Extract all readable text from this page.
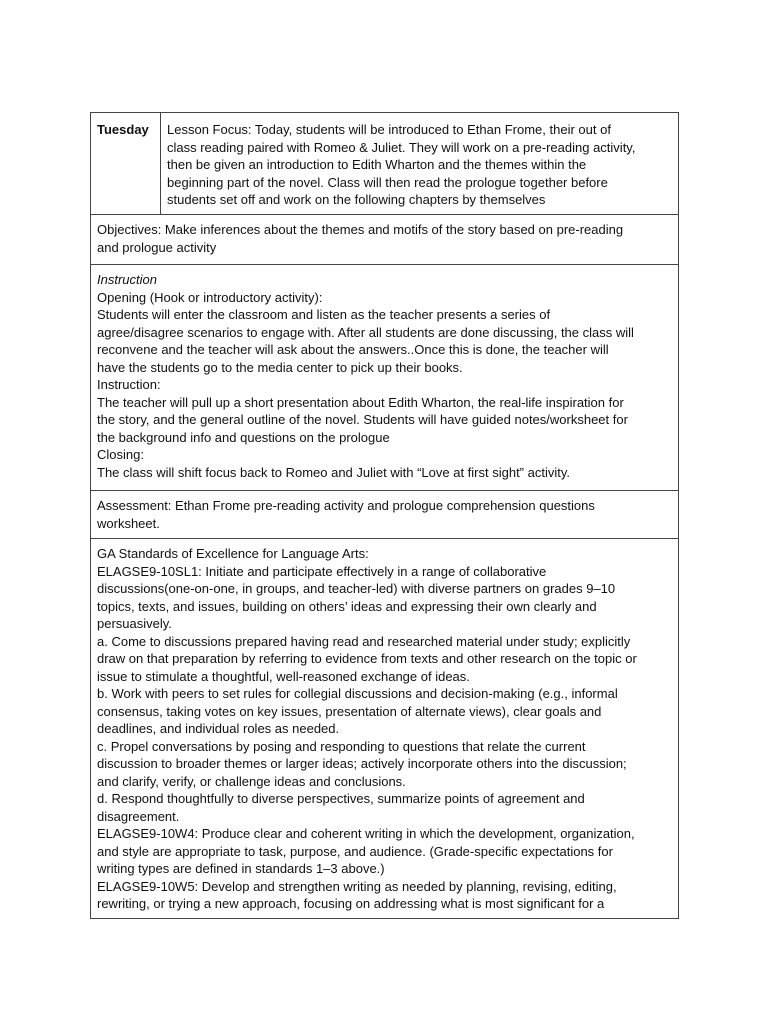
Tuesday	Lesson Focus: Today, students will be introduced to Ethan Frome, their out of
class reading paired with Romeo & Juliet. They will work on a pre-reading activity,
then be given an introduction to Edith Wharton and the themes within the
beginning part of the novel. Class will then read the prologue together before
students set off and work on the following chapters by themselves
Objectives: Make inferences about the themes and motifs of the story based on pre-reading
and prologue activity
Instruction
Opening (Hook or introductory activity):
Students will enter the classroom and listen as the teacher presents a series of
agree/disagree scenarios to engage with. After all students are done discussing, the class will
reconvene and the teacher will ask about the answers..Once this is done, the teacher will
have the students go to the media center to pick up their books.
Instruction:
The teacher will pull up a short presentation about Edith Wharton, the real-life inspiration for
the story, and the general outline of the novel. Students will have guided notes/worksheet for
the background info and questions on the prologue
Closing:
The class will shift focus back to Romeo and Juliet with “Love at first sight” activity.
Assessment: Ethan Frome pre-reading activity and prologue comprehension questions
worksheet.
GA Standards of Excellence for Language Arts:
ELAGSE9-10SL1: Initiate and participate effectively in a range of collaborative
discussions(one-on-one, in groups, and teacher-led) with diverse partners on grades 9–10
topics, texts, and issues, building on others’ ideas and expressing their own clearly and
persuasively.
a. Come to discussions prepared having read and researched material under study; explicitly
draw on that preparation by referring to evidence from texts and other research on the topic or
issue to stimulate a thoughtful, well-reasoned exchange of ideas.
b. Work with peers to set rules for collegial discussions and decision-making (e.g., informal
consensus, taking votes on key issues, presentation of alternate views), clear goals and
deadlines, and individual roles as needed.
c. Propel conversations by posing and responding to questions that relate the current
discussion to broader themes or larger ideas; actively incorporate others into the discussion;
and clarify, verify, or challenge ideas and conclusions.
d. Respond thoughtfully to diverse perspectives, summarize points of agreement and
disagreement.
ELAGSE9-10W4: Produce clear and coherent writing in which the development, organization,
and style are appropriate to task, purpose, and audience. (Grade-specific expectations for
writing types are defined in standards 1–3 above.)
ELAGSE9-10W5: Develop and strengthen writing as needed by planning, revising, editing,
rewriting, or trying a new approach, focusing on addressing what is most significant for a
